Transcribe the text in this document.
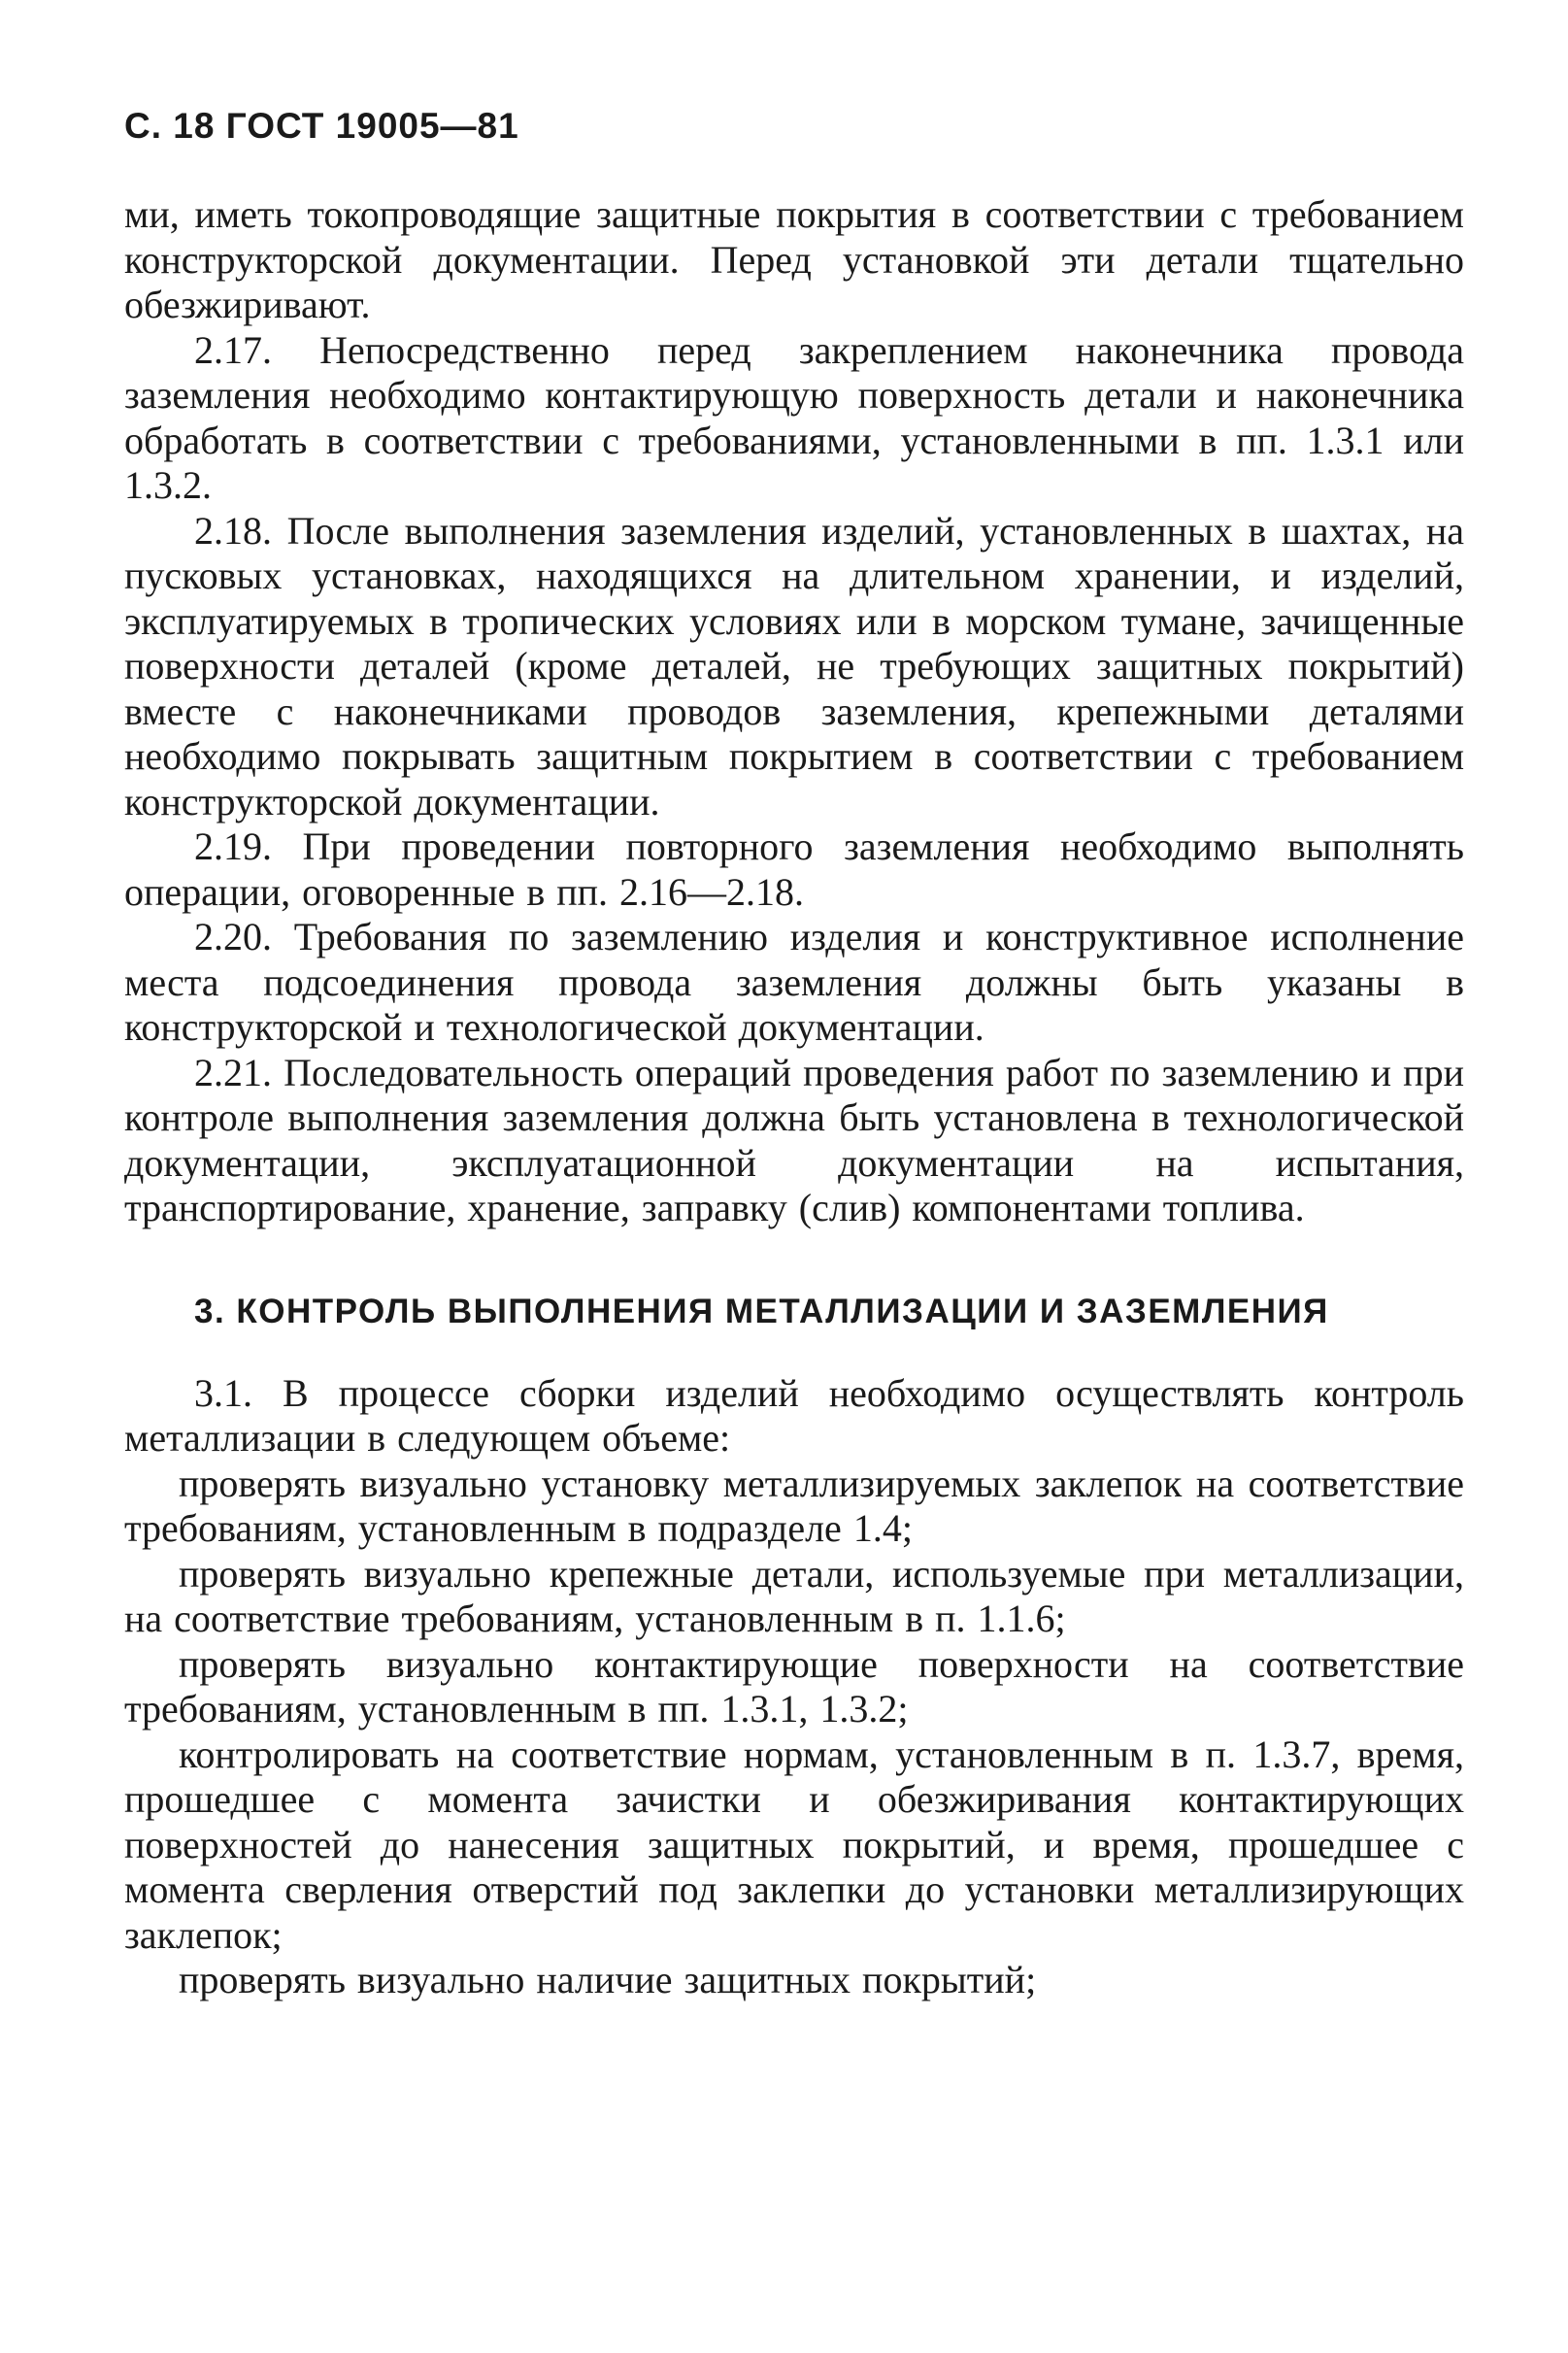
С. 18 ГОСТ 19005—81

ми, иметь токопроводящие защитные покрытия в соответствии с требованием конструкторской документации. Перед установкой эти детали тщательно обезжиривают.

2.17. Непосредственно перед закреплением наконечника провода заземления необходимо контактирующую поверхность детали и наконечника обработать в соответствии с требованиями, установленными в пп. 1.3.1 или 1.3.2.

2.18. После выполнения заземления изделий, установленных в шахтах, на пусковых установках, находящихся на длительном хранении, и изделий, эксплуатируемых в тропических условиях или в морском тумане, зачищенные поверхности деталей (кроме деталей, не требующих защитных покрытий) вместе с наконечниками проводов заземления, крепежными деталями необходимо покрывать защитным покрытием в соответствии с требованием конструкторской документации.

2.19. При проведении повторного заземления необходимо выполнять операции, оговоренные в пп. 2.16—2.18.

2.20. Требования по заземлению изделия и конструктивное исполнение места подсоединения провода заземления должны быть указаны в конструкторской и технологической документации.

2.21. Последовательность операций проведения работ по заземлению и при контроле выполнения заземления должна быть установлена в технологической документации, эксплуатационной документации на испытания, транспортирование, хранение, заправку (слив) компонентами топлива.

3. КОНТРОЛЬ ВЫПОЛНЕНИЯ МЕТАЛЛИЗАЦИИ И ЗАЗЕМЛЕНИЯ

3.1. В процессе сборки изделий необходимо осуществлять контроль металлизации в следующем объеме:

проверять визуально установку металлизируемых заклепок на соответствие требованиям, установленным в подразделе 1.4;

проверять визуально крепежные детали, используемые при металлизации, на соответствие требованиям, установленным в п. 1.1.6;

проверять визуально контактирующие поверхности на соответствие требованиям, установленным в пп. 1.3.1, 1.3.2;

контролировать на соответствие нормам, установленным в п. 1.3.7, время, прошедшее с момента зачистки и обезжиривания контактирующих поверхностей до нанесения защитных покрытий, и время, прошедшее с момента сверления отверстий под заклепки до установки металлизирующих заклепок;

проверять визуально наличие защитных покрытий;
